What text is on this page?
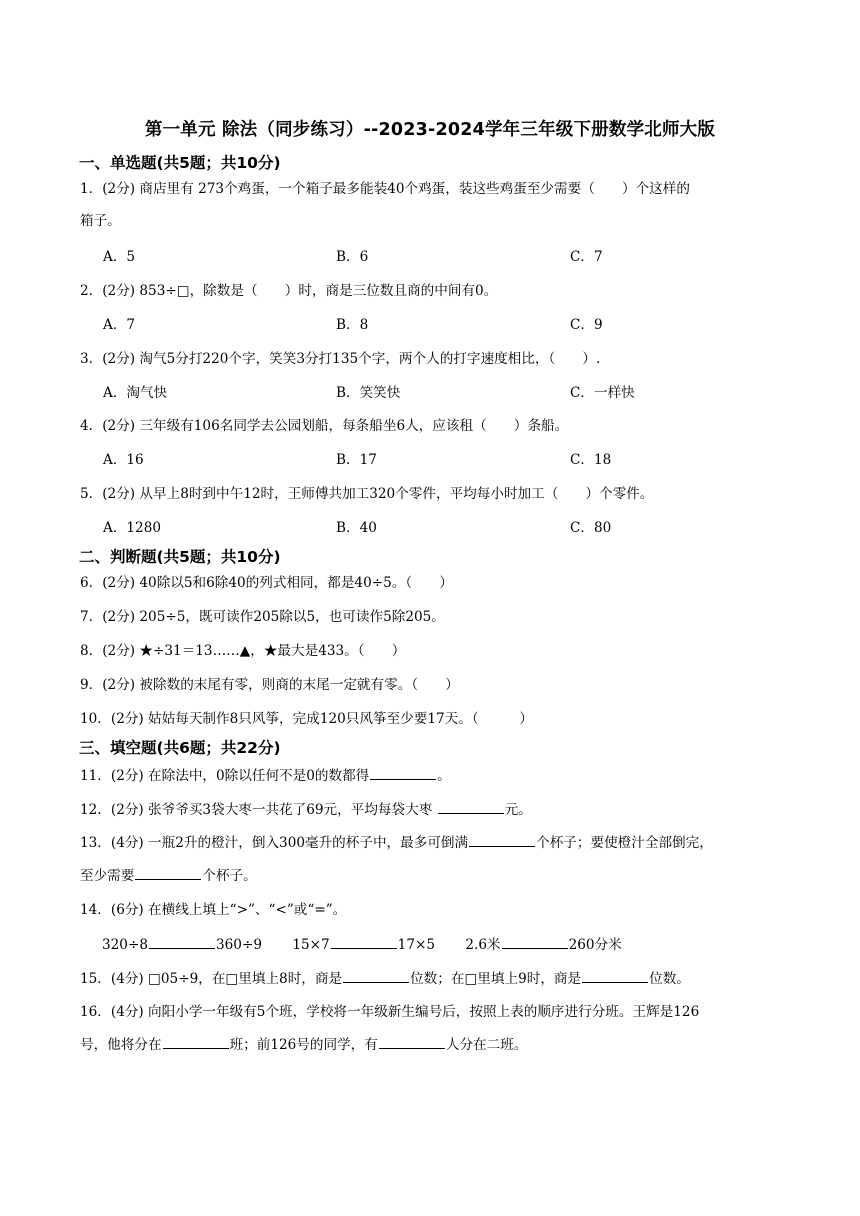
第一单元 除法（同步练习）--2023-2024学年三年级下册数学北师大版
一、单选题(共5题；共10分)
1．(2分) 商店里有 273个鸡蛋，一个箱子最多能装40个鸡蛋，装这些鸡蛋至少需要（　　）个这样的
箱子。
A．5	B．6	C．7
2．(2分) 853÷□，除数是（　　）时，商是三位数且商的中间有0。
A．7	B．8	C．9
3．(2分) 淘气5分打220个字，笑笑3分打135个字，两个人的打字速度相比，（　　）.
A．淘气快	B．笑笑快	C．一样快
4．(2分) 三年级有106名同学去公园划船，每条船坐6人，应该租（　　）条船。
A．16	B．17	C．18
5．(2分) 从早上8时到中午12时，王师傅共加工320个零件，平均每小时加工（　　）个零件。
A．1280	B．40	C．80
二、判断题(共5题；共10分)
6．(2分) 40除以5和6除40的列式相同，都是40÷5。（　　）
7．(2分) 205÷5，既可读作205除以5，也可读作5除205。
8．(2分) ★÷31＝13……▲，★最大是433。（　　）
9．(2分) 被除数的末尾有零，则商的末尾一定就有零。（　　）
10．(2分) 姑姑每天制作8只风筝，完成120只风筝至少要17天。（　　　）
三、填空题(共6题；共22分)
11．(2分) 在除法中，0除以任何不是0的数都得	。
12．(2分) 张爷爷买3袋大枣一共花了69元，平均每袋大枣	元。
13．(4分) 一瓶2升的橙汁，倒入300毫升的杯子中，最多可倒满	个杯子；要使橙汁全部倒完，
至少需要	个杯子。
14．(6分) 在横线上填上“>”、“<”或“=”。
320÷8	360÷9 15×7	17×5 2.6米	260分米
15．(4分) □05÷9，在□里填上8时，商是	位数；在□里填上9时，商是	位数。
16．(4分) 向阳小学一年级有5个班，学校将一年级新生编号后，按照上表的顺序进行分班。王辉是126
号，他将分在	班；前126号的同学，有	人分在二班。
